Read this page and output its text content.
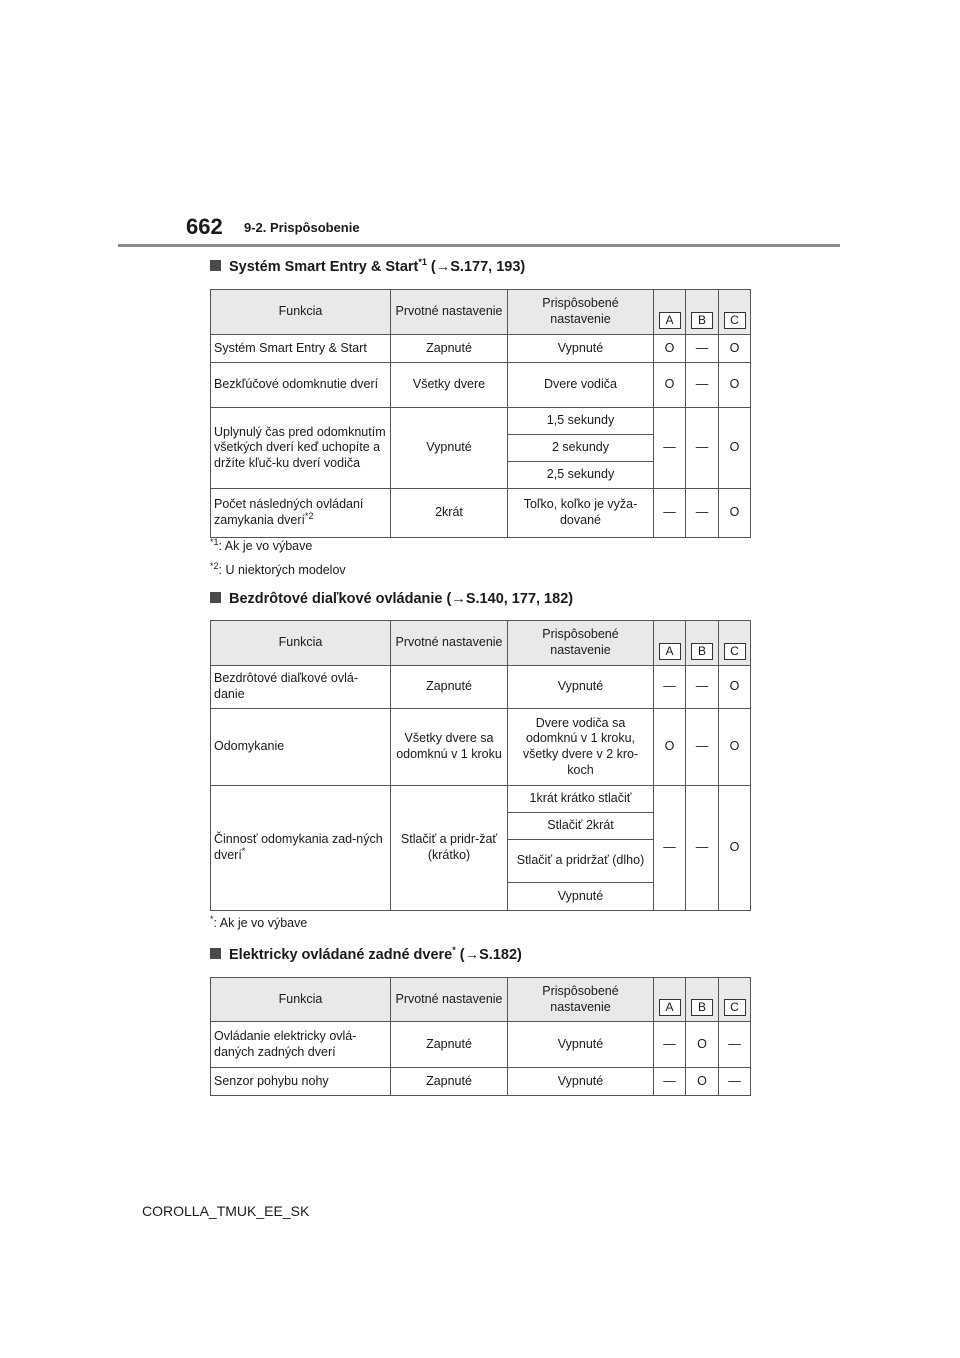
662 9-2. Prispôsobenie
Systém Smart Entry & Start$^{*1}$ (→S.177, 193)
Funkcia	Prvotné nastavenie	Prispôsobené nastavenie	A	B	C
Systém Smart Entry & Start	Zapnuté	Vypnuté	O	—	O
Bezkľúčové odomknutie dverí	Všetky dvere	Dvere vodiča	O	—	O
Uplynulý čas pred odomknutím všetkých dverí keď uchopíte a držíte kľuč-ku dverí vodiča	Vypnuté	1,5 sekundy	—	—	O
		2 sekundy			
		2,5 sekundy			
Počet následných ovládaní zamykania dverí$^{*2}$	2krát	Toľko, koľko je vyža-dované	—	—	O
$^{*1}$: Ak je vo výbave
$^{*2}$: U niektorých modelov
Bezdrôtové diaľkové ovládanie (→S.140, 177, 182)
Funkcia	Prvotné nastavenie	Prispôsobené nastavenie	A	B	C
Bezdrôtové diaľkové ovlá-danie	Zapnuté	Vypnuté	—	—	O
Odomykanie	Všetky dvere sa odomknú v 1 kroku	Dvere vodiča sa odomknú v 1 kroku, všetky dvere v 2 kro-koch	O	—	O
Činnosť odomykania zad-ných dverí*	Stlačiť a pridr-žať (krátko)	1krát krátko stlačiť	—	—	O
		Stlačiť 2krát			
		Stlačiť a pridržať (dlho)			
		Vypnuté			
*: Ak je vo výbave
Elektricky ovládané zadné dvere* (→S.182)
Funkcia	Prvotné nastavenie	Prispôsobené nastavenie	A	B	C
Ovládanie elektricky ovlá-daných zadných dverí	Zapnuté	Vypnuté	—	O	—
Senzor pohybu nohy	Zapnuté	Vypnuté	—	O	—
COROLLA_TMUK_EE_SK
